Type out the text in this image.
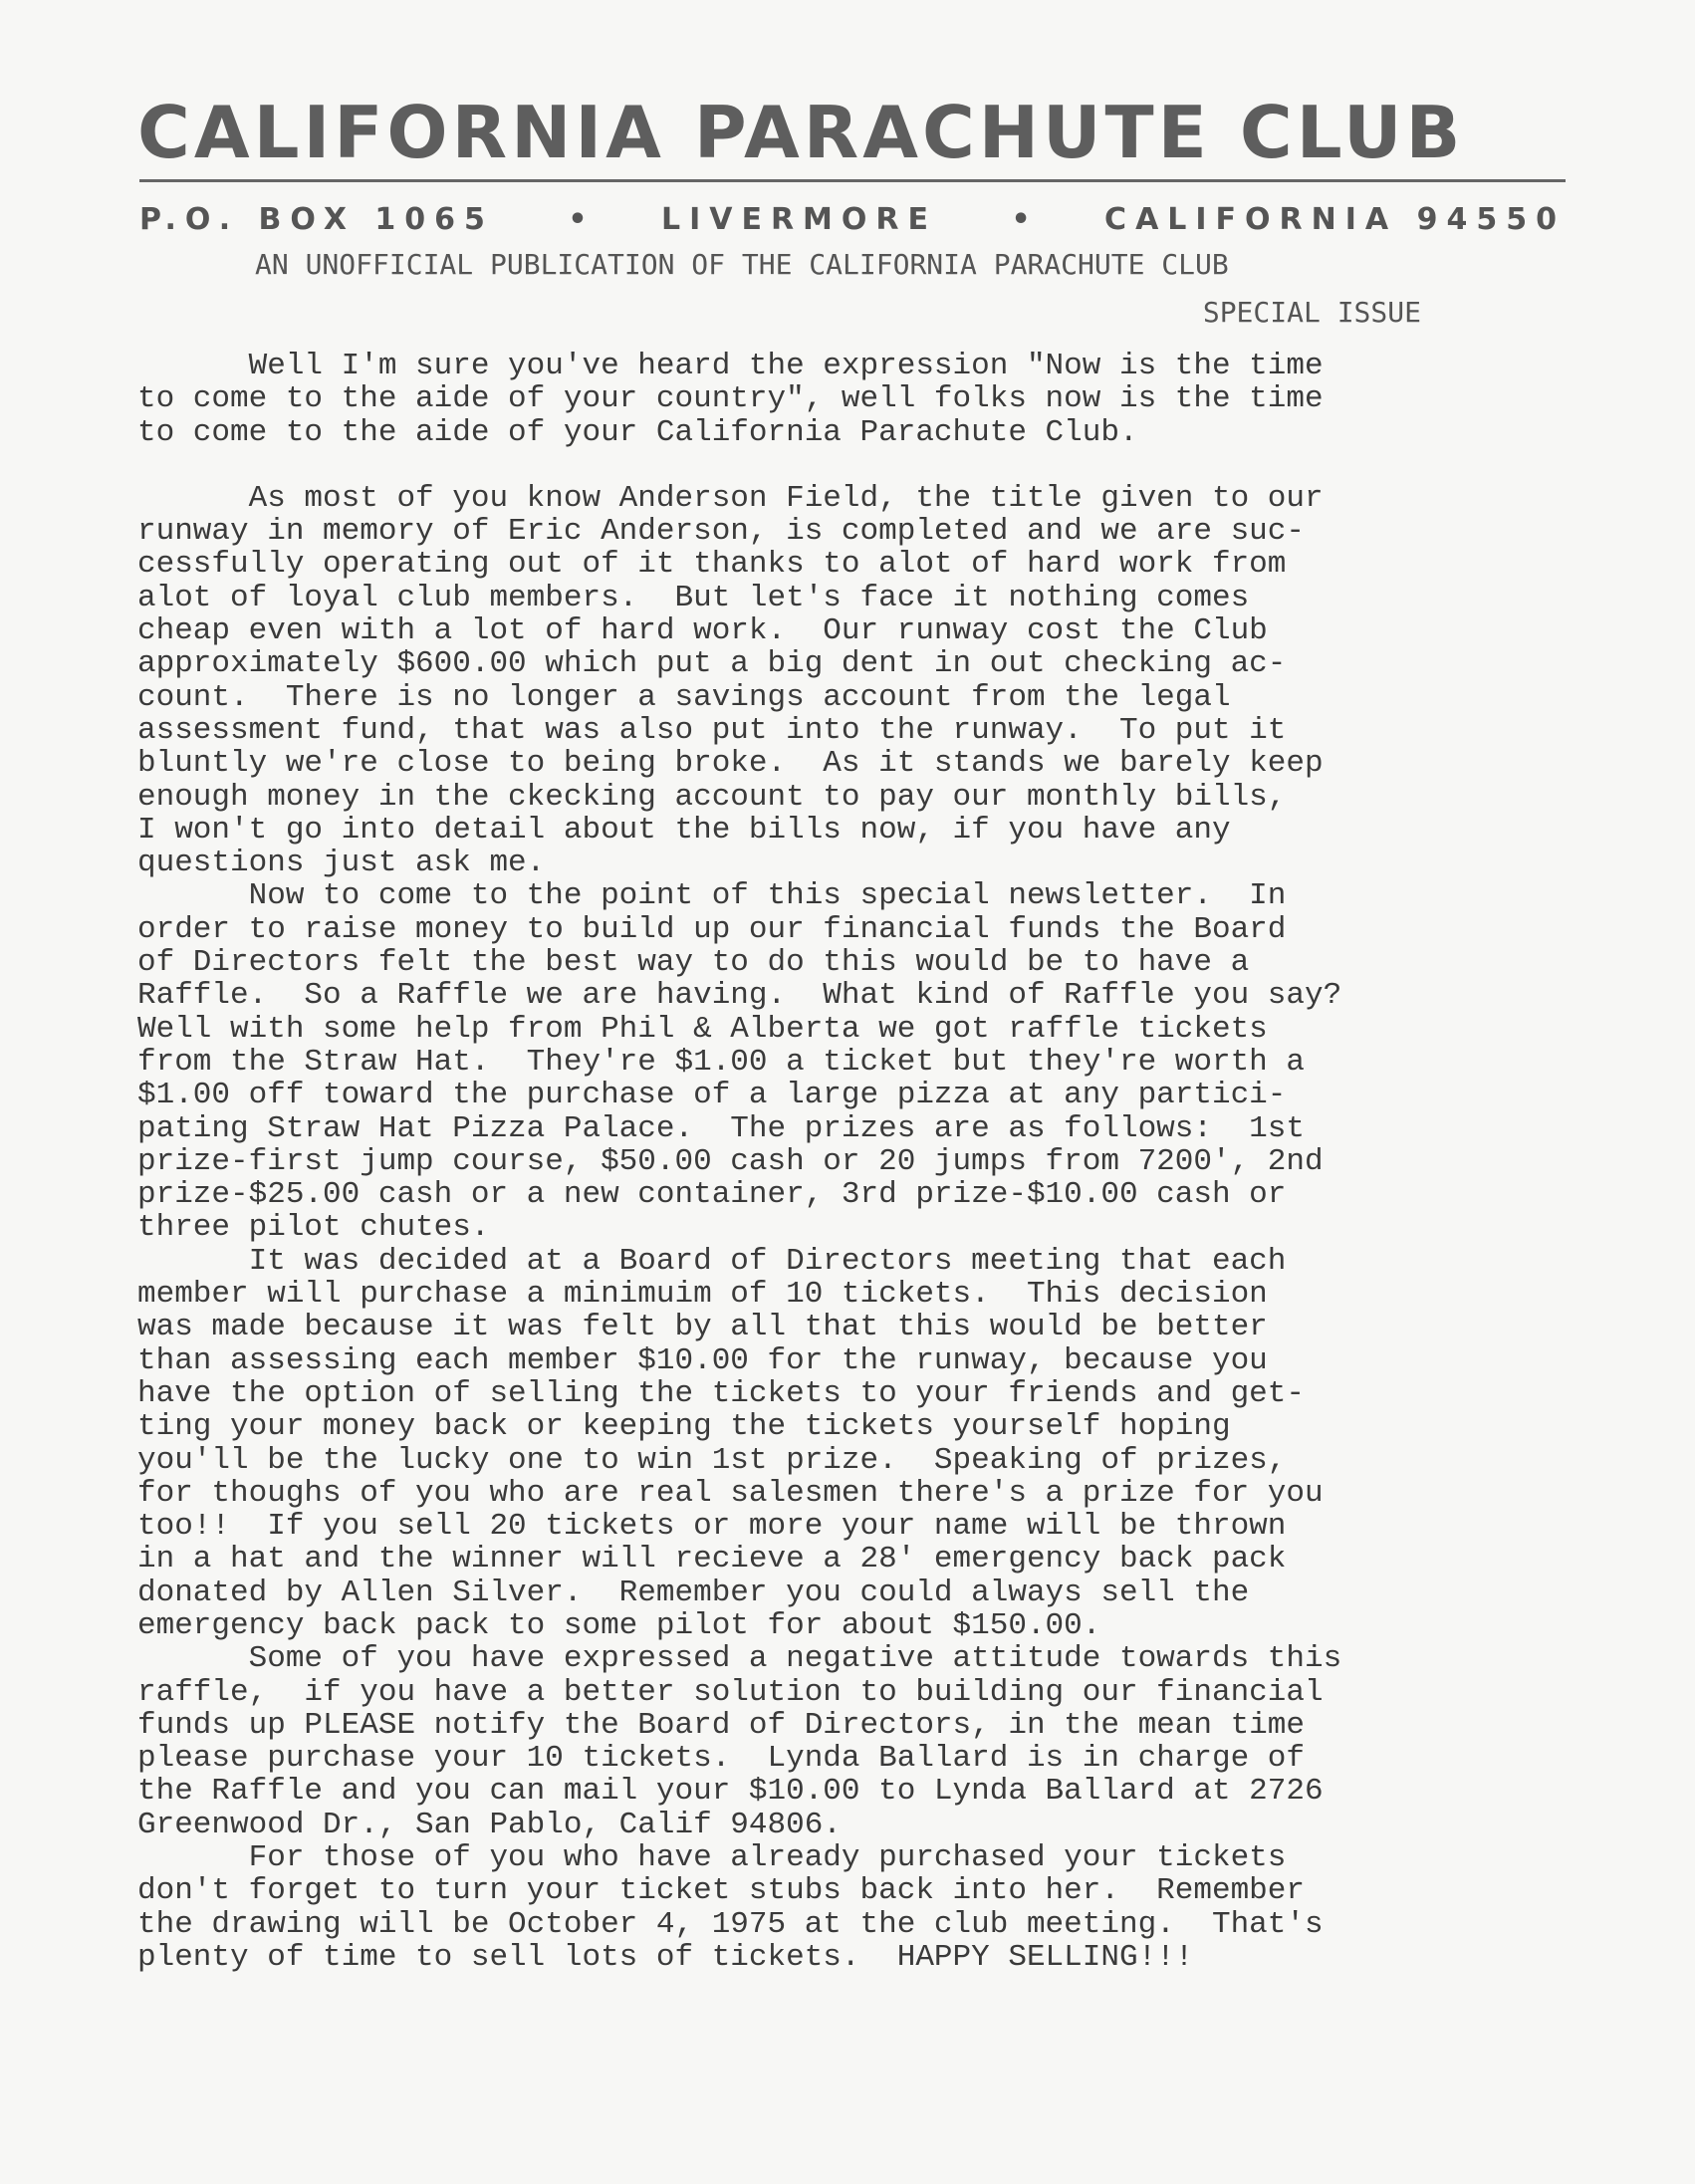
CALIFORNIA PARACHUTE CLUB
P.O. BOX 1065 • LIVERMORE • CALIFORNIA 94550
AN UNOFFICIAL PUBLICATION OF THE CALIFORNIA PARACHUTE CLUB
SPECIAL ISSUE

Well I'm sure you've heard the expression "Now is the time
to come to the aide of your country", well folks now is the time
to come to the aide of your California Parachute Club.

As most of you know Anderson Field, the title given to our
runway in memory of Eric Anderson, is completed and we are suc-
cessfully operating out of it thanks to alot of hard work from
alot of loyal club members.  But let's face it nothing comes
cheap even with a lot of hard work.  Our runway cost the Club
approximately $600.00 which put a big dent in out checking ac-
count.  There is no longer a savings account from the legal
assessment fund, that was also put into the runway.  To put it
bluntly we're close to being broke.  As it stands we barely keep
enough money in the ckecking account to pay our monthly bills,
I won't go into detail about the bills now, if you have any
questions just ask me.

Now to come to the point of this special newsletter.  In
order to raise money to build up our financial funds the Board
of Directors felt the best way to do this would be to have a
Raffle.  So a Raffle we are having.  What kind of Raffle you say?
Well with some help from Phil & Alberta we got raffle tickets
from the Straw Hat.  They're $1.00 a ticket but they're worth a
$1.00 off toward the purchase of a large pizza at any partici-
pating Straw Hat Pizza Palace.  The prizes are as follows:  1st
prize-first jump course, $50.00 cash or 20 jumps from 7200', 2nd
prize-$25.00 cash or a new container, 3rd prize-$10.00 cash or
three pilot chutes.

It was decided at a Board of Directors meeting that each
member will purchase a minimuim of 10 tickets.  This decision
was made because it was felt by all that this would be better
than assessing each member $10.00 for the runway, because you
have the option of selling the tickets to your friends and get-
ting your money back or keeping the tickets yourself hoping
you'll be the lucky one to win 1st prize.  Speaking of prizes,
for thoughs of you who are real salesmen there's a prize for you
too!!  If you sell 20 tickets or more your name will be thrown
in a hat and the winner will recieve a 28' emergency back pack
donated by Allen Silver.  Remember you could always sell the
emergency back pack to some pilot for about $150.00.

Some of you have expressed a negative attitude towards this
raffle,  if you have a better solution to building our financial
funds up PLEASE notify the Board of Directors, in the mean time
please purchase your 10 tickets.  Lynda Ballard is in charge of
the Raffle and you can mail your $10.00 to Lynda Ballard at 2726
Greenwood Dr., San Pablo, Calif 94806.

For those of you who have already purchased your tickets
don't forget to turn your ticket stubs back into her.  Remember
the drawing will be October 4, 1975 at the club meeting.  That's
plenty of time to sell lots of tickets.  HAPPY SELLING!!!
